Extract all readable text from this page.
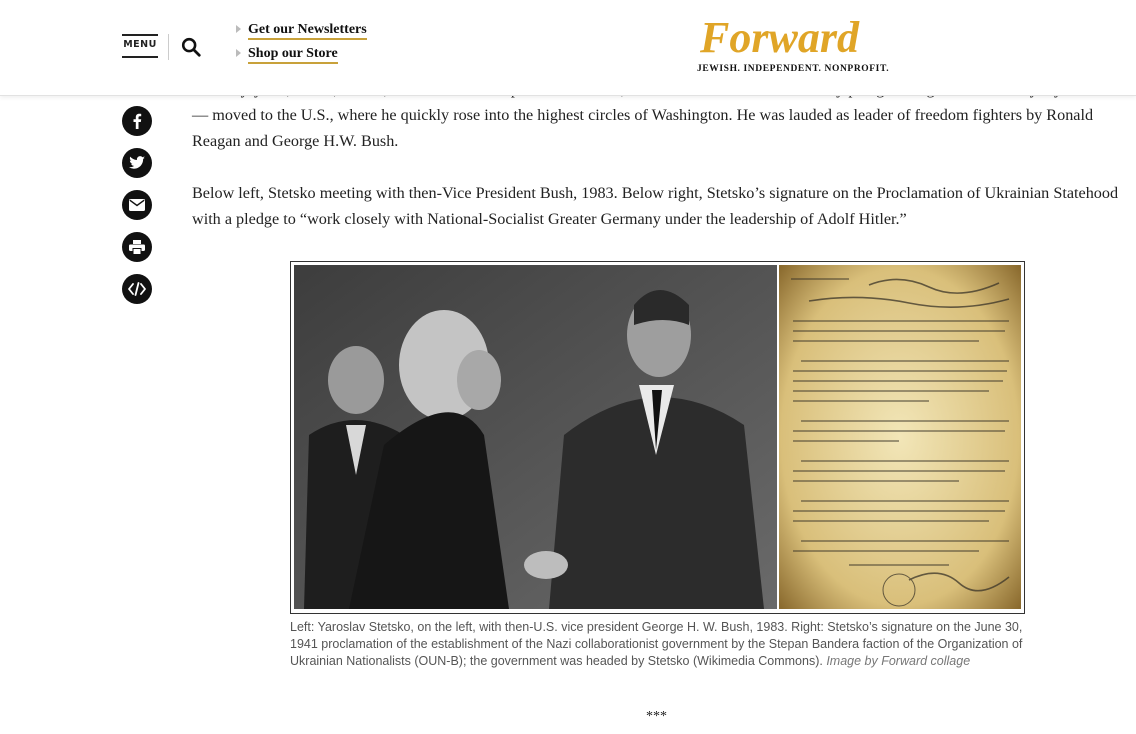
— moved to the U.S., where he quickly rose into the highest circles of Washington. He was lauded as leader of freedom fighters by Ronald Reagan and George H.W. Bush.

Below left, Stetsko meeting with then-Vice President Bush, 1983. Below right, Stetsko’s signature on the Proclamation of Ukrainian Statehood with a pledge to “work closely with National-Socialist Greater Germany under the leadership of Adolf Hitler.”

MENU
Get our Newsletters
Shop our Store	Forward
JEWISH. INDEPENDENT. NONPROFIT.
Left: Yaroslav Stetsko, on the left, with then-U.S. vice president George H. W. Bush, 1983. Right: Stetsko’s signature on the June 30, 1941 proclamation of the establishment of the Nazi collaborationist government by the Stepan Bandera faction of the Organization of Ukrainian Nationalists (OUN-B); the government was headed by Stetsko (Wikimedia Commons). Image by Forward collage
***
